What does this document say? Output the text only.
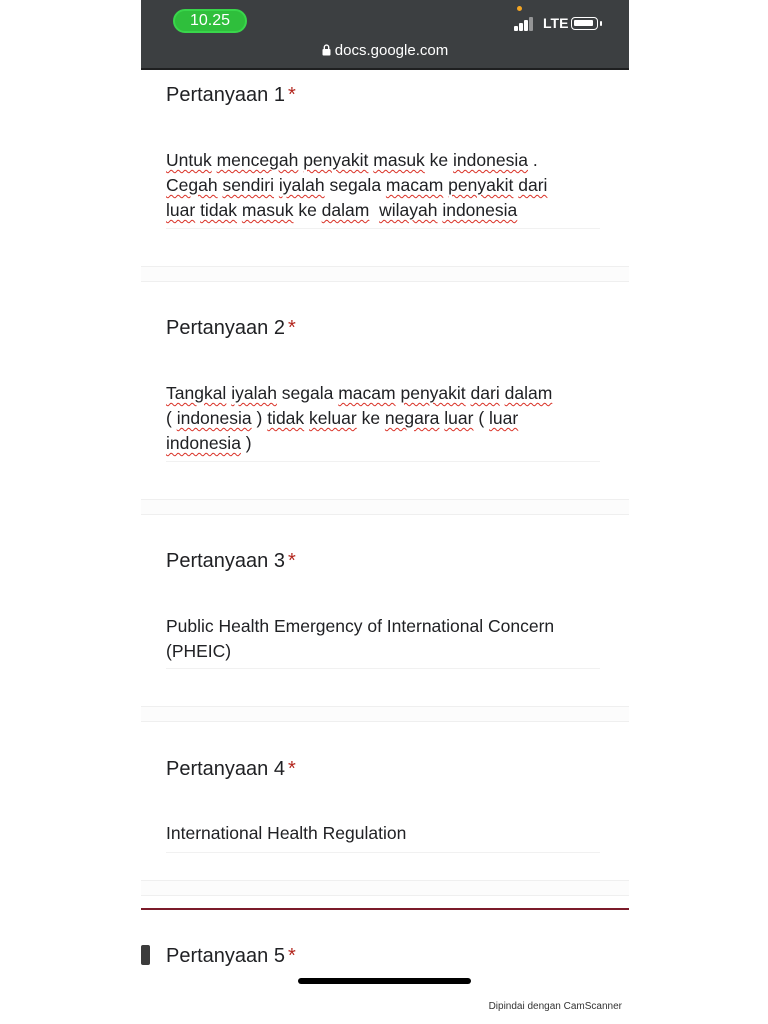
10.25	LTE
docs.google.com
Pertanyaan 1 *
Untuk mencegah penyakit masuk ke indonesia .
Cegah sendiri iyalah segala macam penyakit dari
luar tidak masuk ke dalam wilayah indonesia
Pertanyaan 2 *
Tangkal iyalah segala macam penyakit dari dalam
( indonesia ) tidak keluar ke negara luar ( luar
indonesia )
Pertanyaan 3 *
Public Health Emergency of International Concern
(PHEIC)
Pertanyaan 4 *
International Health Regulation
Pertanyaan 5 *
Dipindai dengan CamScanner
